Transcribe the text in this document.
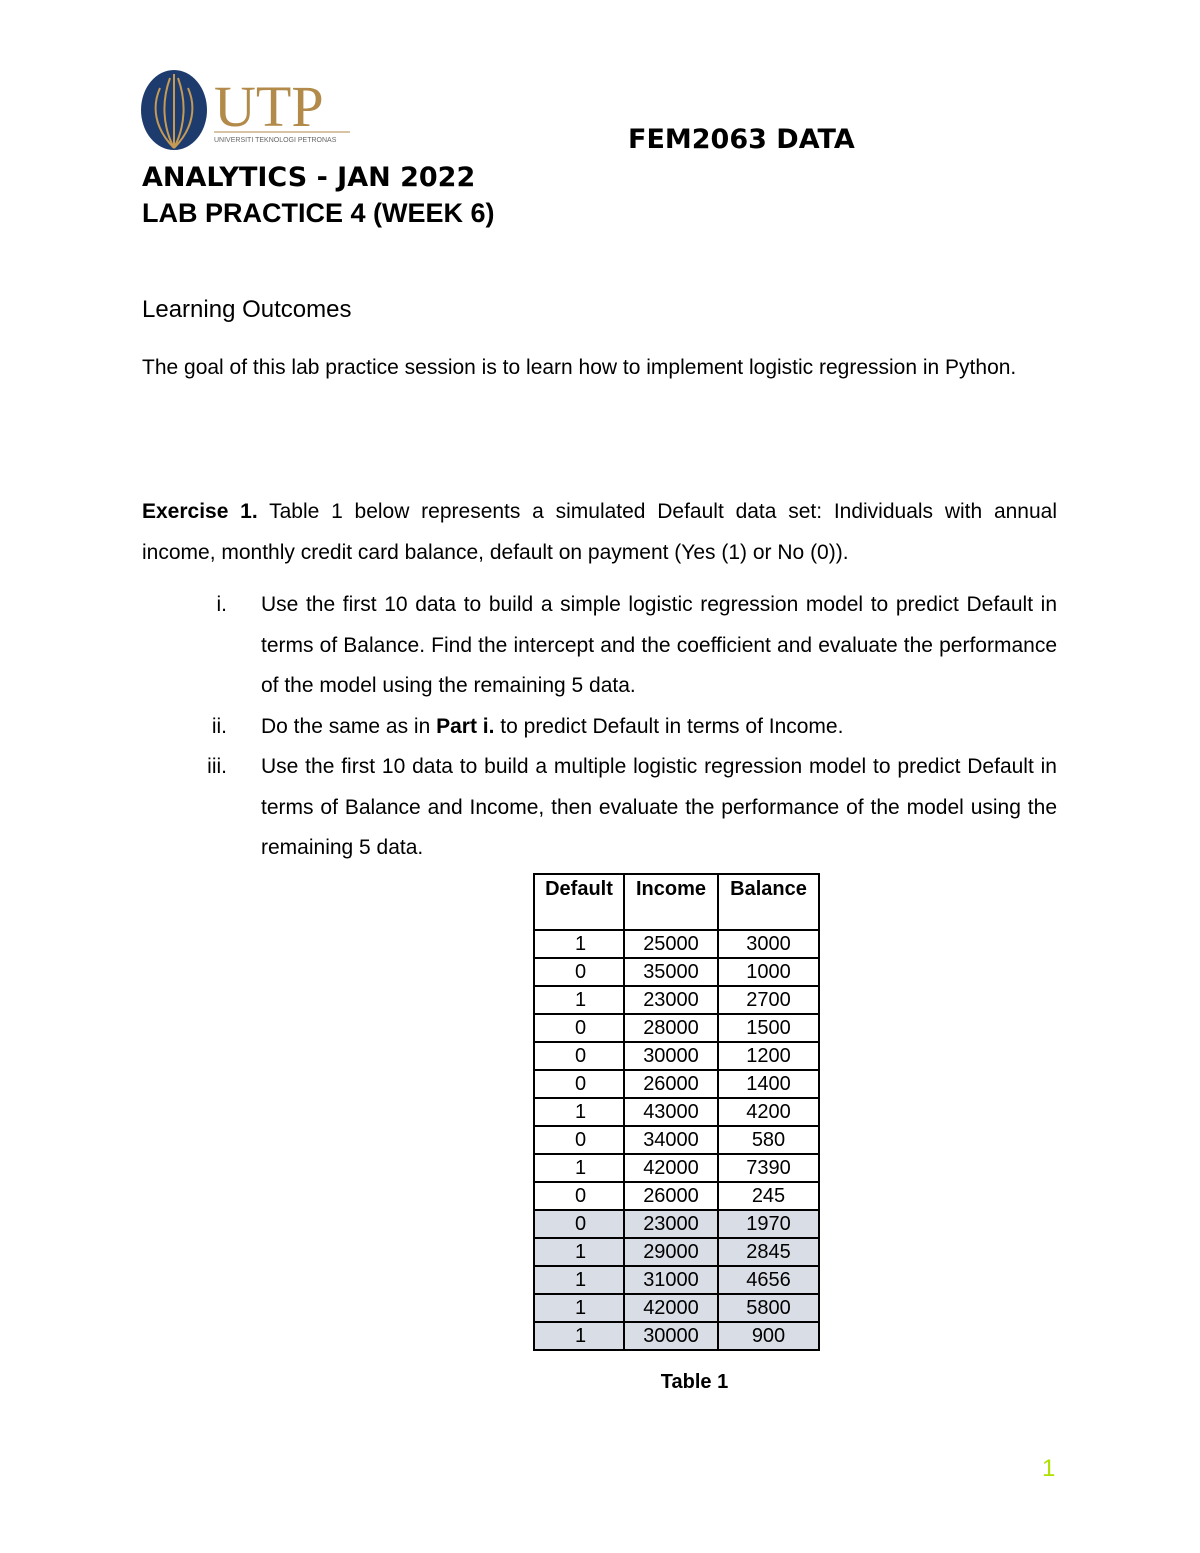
UTP
UNIVERSITI TEKNOLOGI PETRONAS	FEM2063 DATA
ANALYTICS - JAN 2022
LAB PRACTICE 4 (WEEK 6)
Learning Outcomes
The goal of this lab practice session is to learn how to implement logistic regression in Python.
Exercise 1. Table 1 below represents a simulated Default data set: Individuals with annual income, monthly credit card balance, default on payment (Yes (1) or No (0)).
i. Use the first 10 data to build a simple logistic regression model to predict Default in terms of Balance. Find the intercept and the coefficient and evaluate the performance of the model using the remaining 5 data.
ii. Do the same as in Part i. to predict Default in terms of Income.
iii. Use the first 10 data to build a multiple logistic regression model to predict Default in terms of Balance and Income, then evaluate the performance of the model using the remaining 5 data.
Default	Income	Balance
1	25000	3000
0	35000	1000
1	23000	2700
0	28000	1500
0	30000	1200
0	26000	1400
1	43000	4200
0	34000	580
1	42000	7390
0	26000	245
0	23000	1970
1	29000	2845
1	31000	4656
1	42000	5800
1	30000	900
Table 1
1
